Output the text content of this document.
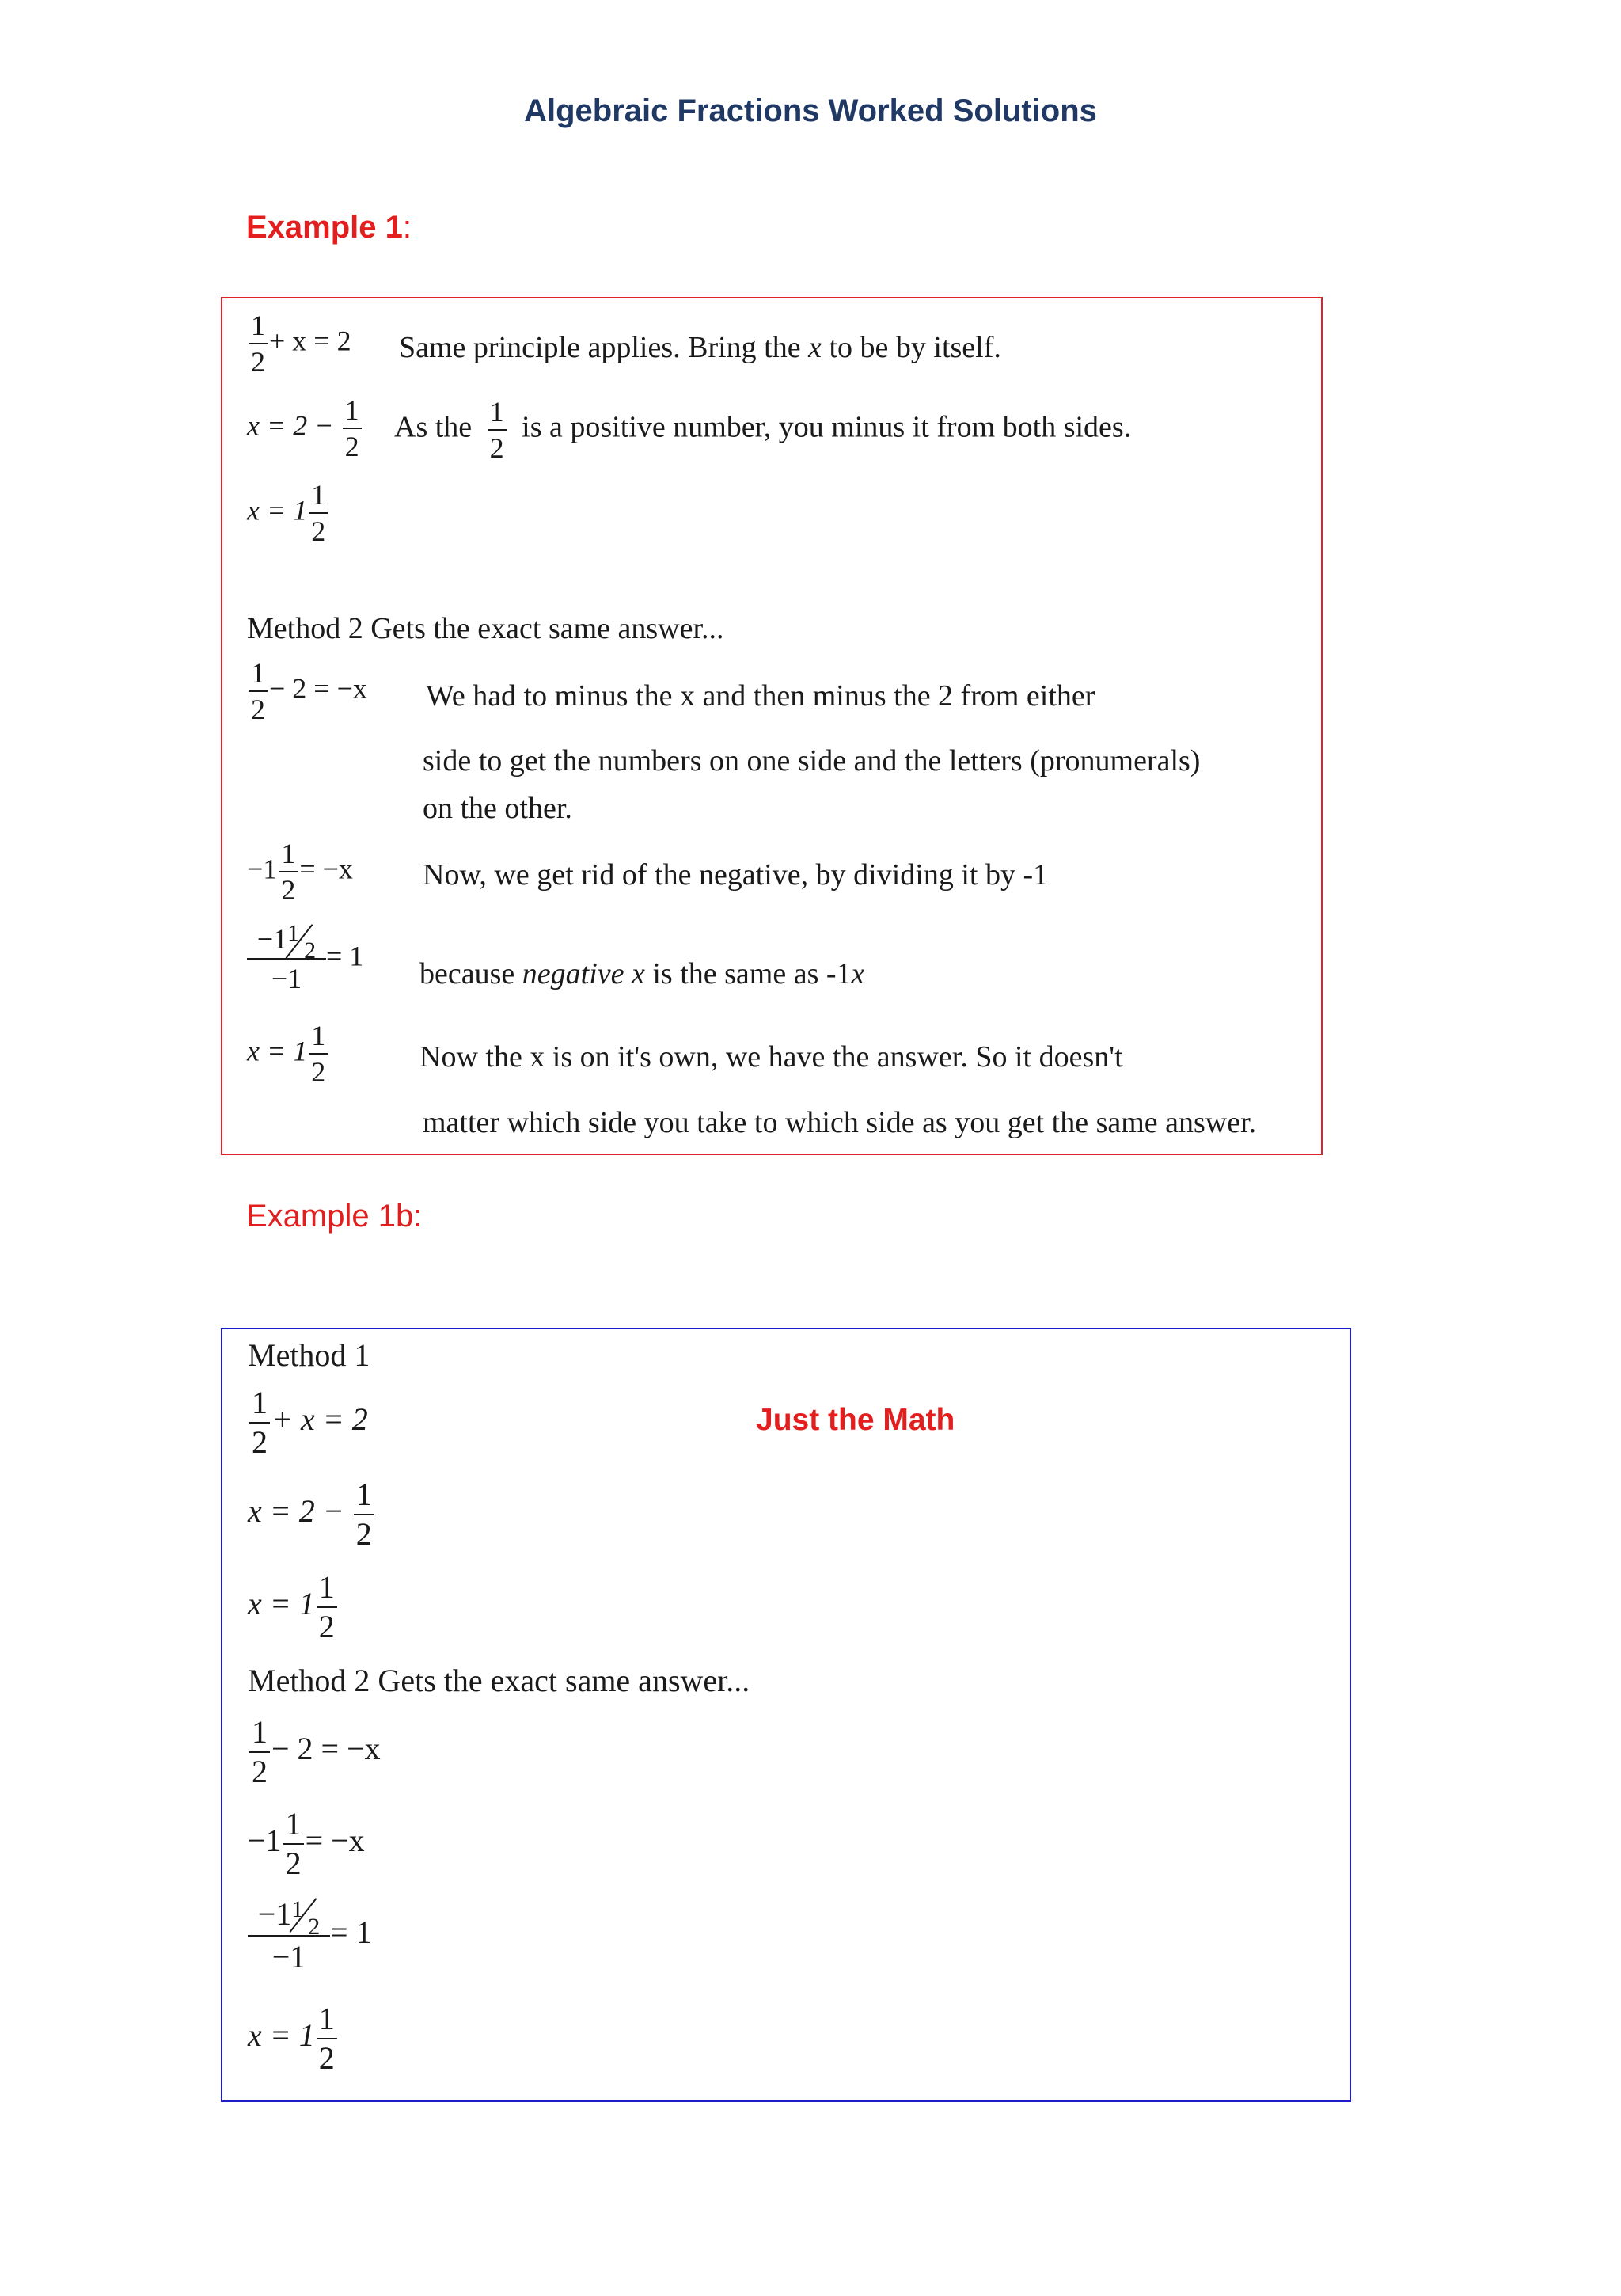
Algebraic Fractions Worked Solutions
Example 1:
$\frac{1}{2} + x = 2$ Same principle applies. Bring the x to be by itself.
$x = 2 - \frac{1}{2}$ As the $\frac{1}{2}$ is a positive number, you minus it from both sides.
$x = 1 \frac{1}{2}$
Method 2 Gets the exact same answer...
$\frac{1}{2} - 2 = -x$ We had to minus the x and then minus the 2 from either
side to get the numbers on one side and the letters (pronumerals)
on the other.
$-1 \frac{1}{2} = -x$ Now, we get rid of the negative, by dividing it by -1
$-1^1$
$_2$
−1 = 1
because negative x is the same as -1x
$x = 1 \frac{1}{2}$	Now the x is on it's own, we have the answer. So it doesn't
matter which side you take to which side as you get the same answer.
Example 1b:
Method 1
Just the Math
$\frac{1}{2} + x = 2$
$x = 2 - \frac{1}{2}$
$x = 1 \frac{1}{2}$
Method 2 Gets the exact same answer...
$\frac{1}{2} - 2 = -x$
$-1 \frac{1}{2} = -x$
$-1^1$
$_2$
−1 = 1
$x = 1 \frac{1}{2}$
